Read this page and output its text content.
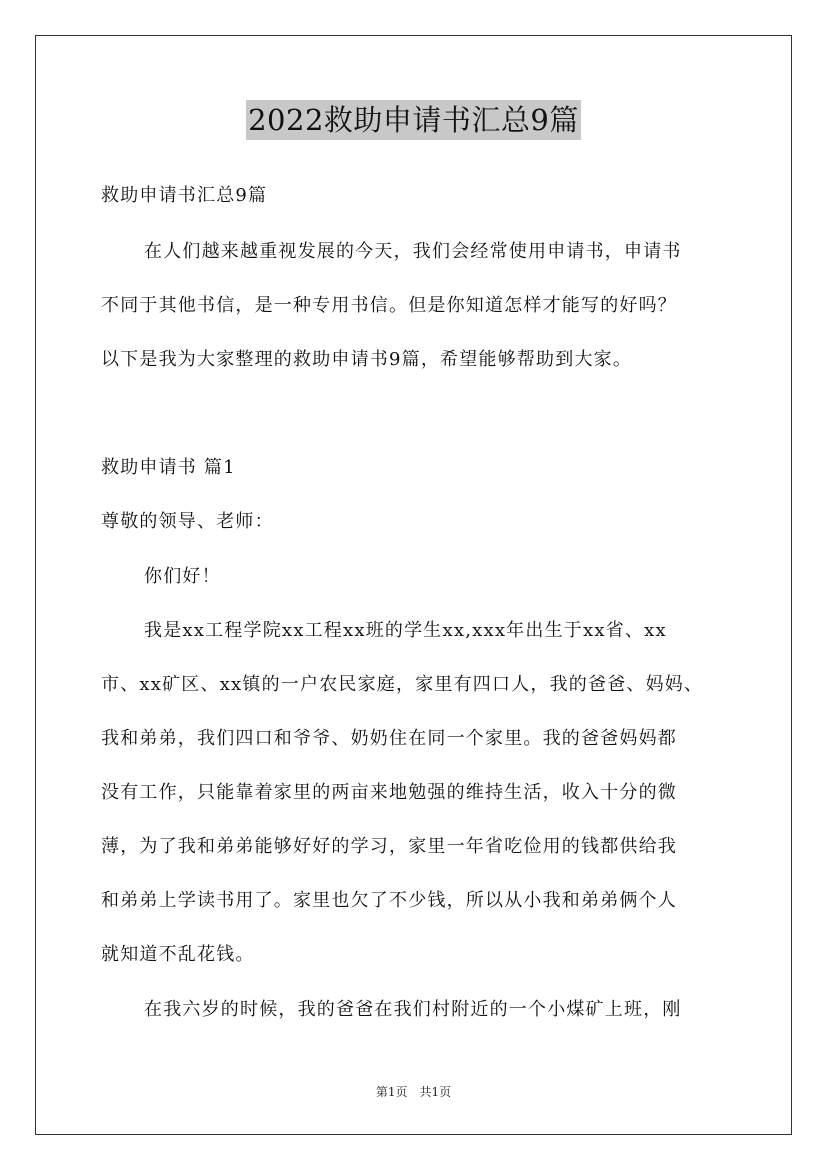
2022救助申请书汇总9篇
救助申请书汇总9篇
在人们越来越重视发展的今天，我们会经常使用申请书，申请书
不同于其他书信，是一种专用书信。但是你知道怎样才能写的好吗？
以下是我为大家整理的救助申请书9篇，希望能够帮助到大家。
救助申请书 篇1
尊敬的领导、老师：
你们好！
我是xx工程学院xx工程xx班的学生xx,xxx年出生于xx省、xx
市、xx矿区、xx镇的一户农民家庭，家里有四口人，我的爸爸、妈妈、
我和弟弟，我们四口和爷爷、奶奶住在同一个家里。我的爸爸妈妈都
没有工作，只能靠着家里的两亩来地勉强的维持生活，收入十分的微
薄，为了我和弟弟能够好好的学习，家里一年省吃俭用的钱都供给我
和弟弟上学读书用了。家里也欠了不少钱，所以从小我和弟弟俩个人
就知道不乱花钱。
在我六岁的时候，我的爸爸在我们村附近的一个小煤矿上班，刚
第1页　共1页
